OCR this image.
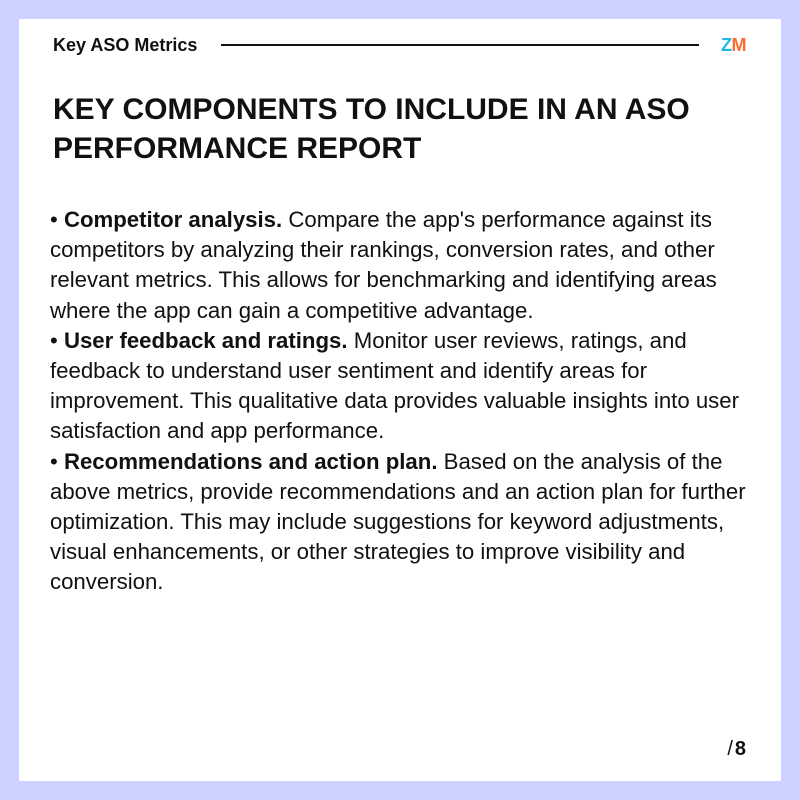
Key ASO Metrics	Z M
KEY COMPONENTS TO INCLUDE IN AN ASO PERFORMANCE REPORT

• Competitor analysis. Compare the app's performance against its competitors by analyzing their rankings, conversion rates, and other relevant metrics. This allows for benchmarking and identifying areas where the app can gain a competitive advantage.

• User feedback and ratings. Monitor user reviews, ratings, and feedback to understand user sentiment and identify areas for improvement. This qualitative data provides valuable insights into user satisfaction and app performance.

• Recommendations and action plan. Based on the analysis of the above metrics, provide recommendations and an action plan for further optimization. This may include suggestions for keyword adjustments, visual enhancements, or other strategies to improve visibility and conversion.

/ 8
